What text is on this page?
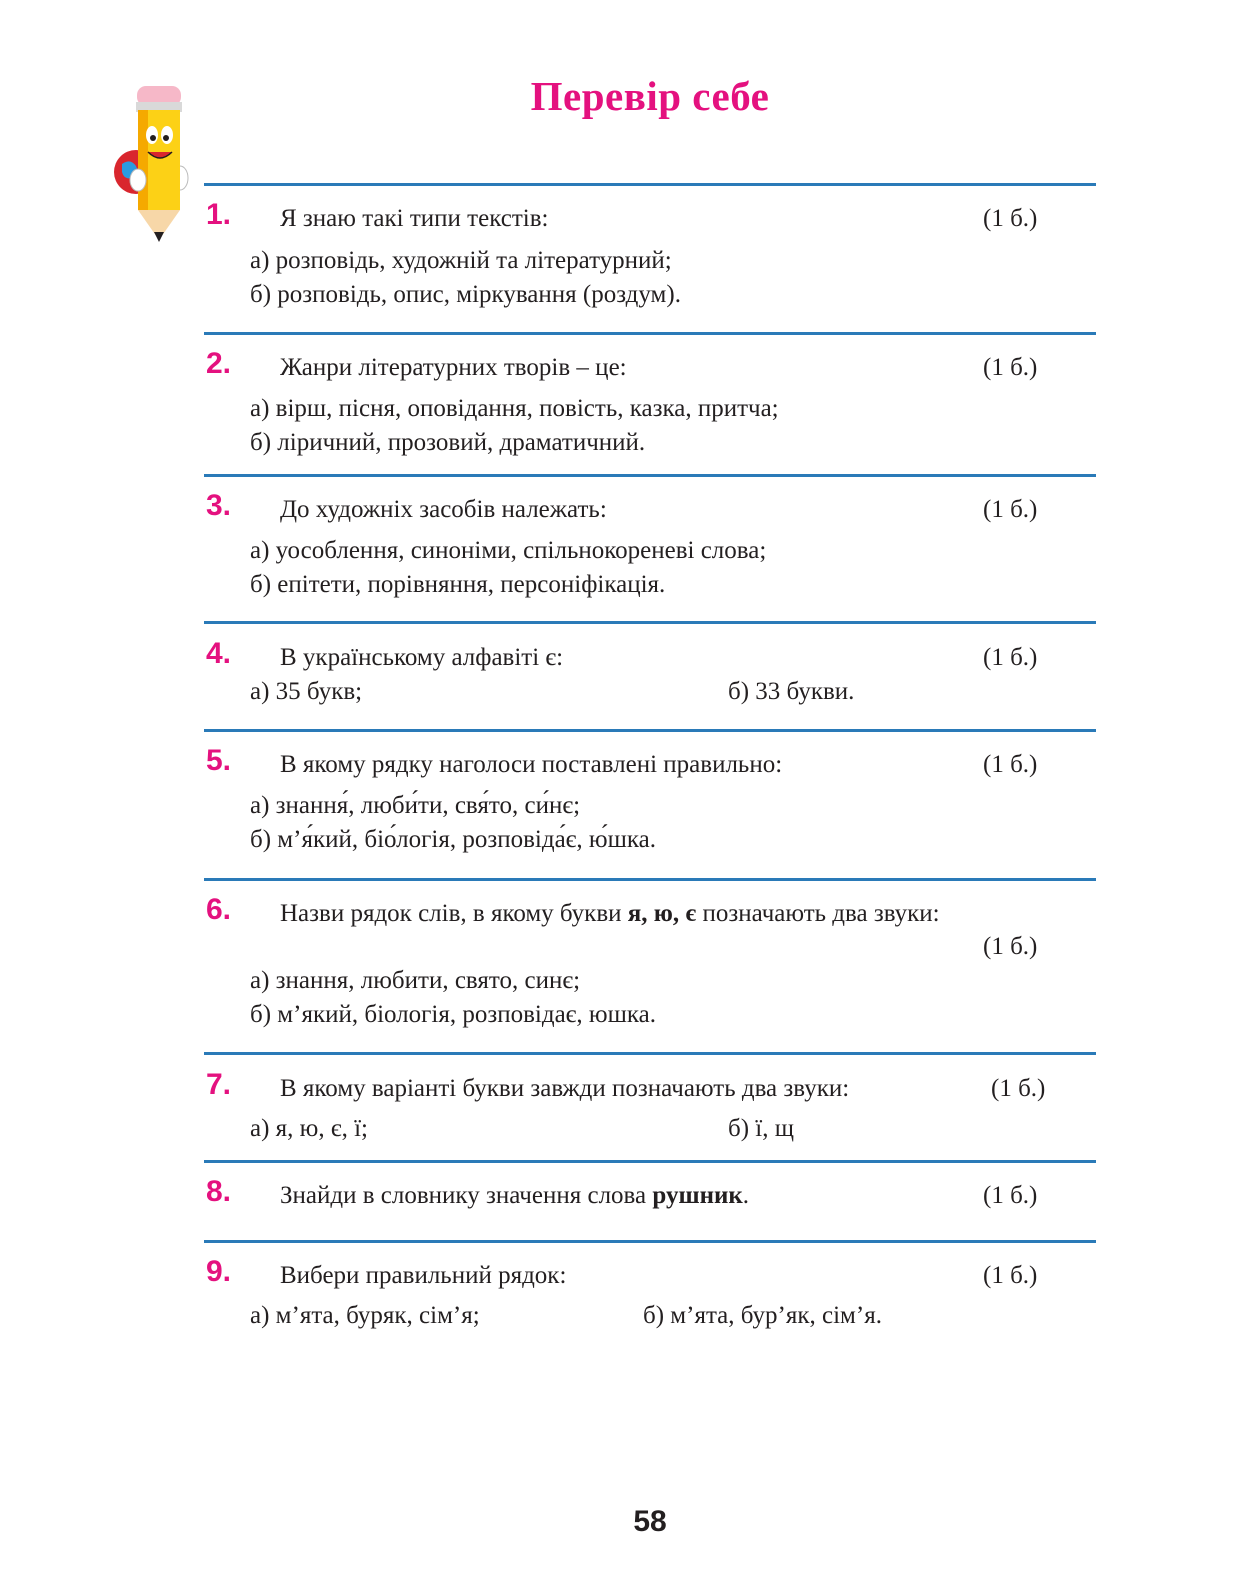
Перевір себе
1. Я знаю такі типи текстів:	(1 б.)
а) розповідь, художній та літературний;
б) розповідь, опис, міркування (роздум).
2. Жанри літературних творів – це:	(1 б.)
а) вірш, пісня, оповідання, повість, казка, притча;
б) ліричний, прозовий, драматичний.
3. До художніх засобів належать:	(1 б.)
а) уособлення, синоніми, спільнокореневі слова;
б) епітети, порівняння, персоніфікація.
4. В українському алфавіті є:	(1 б.)
а) 35 букв;	б) 33 букви.
5. В якому рядку наголоси поставлені правильно:	(1 б.)
а) знання́, люби́ти, свя́то, си́нє;
б) м’я́кий, біо́логія, розповіда́є, ю́шка.
6. Назви рядок слів, в якому букви я, ю, є позначають два звуки:
(1 б.)
а) знання, любити, свято, синє;
б) м’який, біологія, розповідає, юшка.
7. В якому варіанті букви завжди позначають два звуки:	(1 б.)
а) я, ю, є, ї;	б) ї, щ
8. Знайди в словнику значення слова рушник.	(1 б.)
9. Вибери правильний рядок:	(1 б.)
а) м’ята, буряк, сім’я;	б) м’ята, бур’як, сім’я.
58
